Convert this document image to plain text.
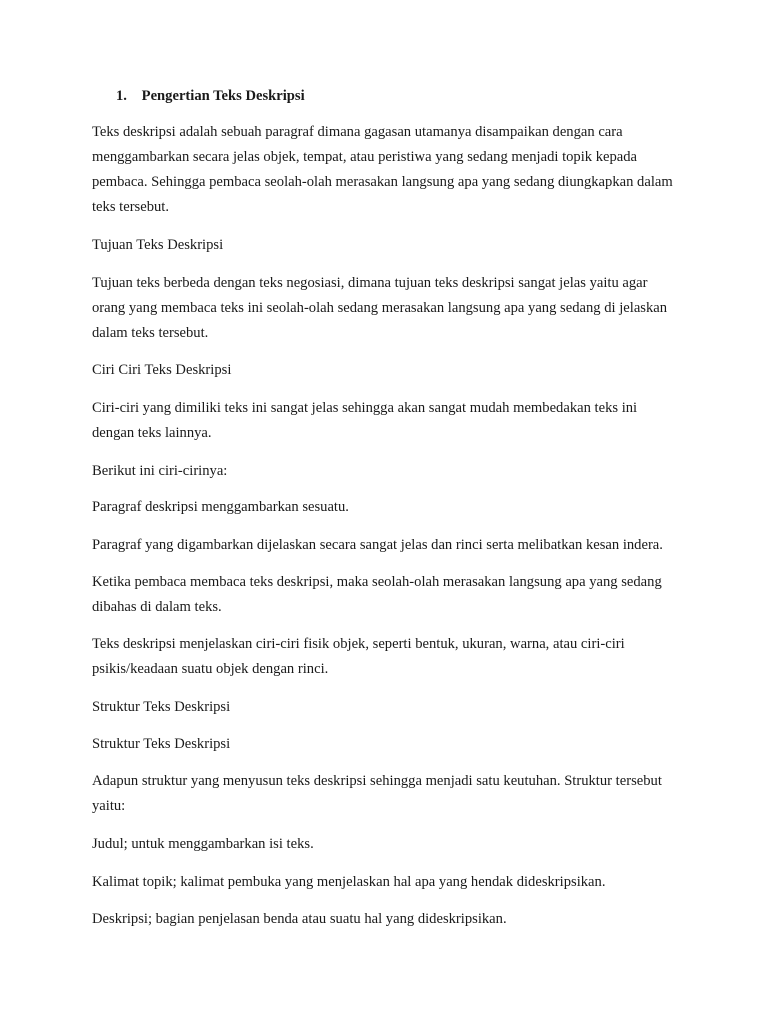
1. Pengertian Teks Deskripsi

Teks deskripsi adalah sebuah paragraf dimana gagasan utamanya disampaikan dengan cara
menggambarkan secara jelas objek, tempat, atau peristiwa yang sedang menjadi topik kepada
pembaca. Sehingga pembaca seolah-olah merasakan langsung apa yang sedang diungkapkan dalam
teks tersebut.

Tujuan Teks Deskripsi

Tujuan teks berbeda dengan teks negosiasi, dimana tujuan teks deskripsi sangat jelas yaitu agar
orang yang membaca teks ini seolah-olah sedang merasakan langsung apa yang sedang di jelaskan
dalam teks tersebut.

Ciri Ciri Teks Deskripsi

Ciri-ciri yang dimiliki teks ini sangat jelas sehingga akan sangat mudah membedakan teks ini
dengan teks lainnya.

Berikut ini ciri-cirinya:

Paragraf deskripsi menggambarkan sesuatu.

Paragraf yang digambarkan dijelaskan secara sangat jelas dan rinci serta melibatkan kesan indera.

Ketika pembaca membaca teks deskripsi, maka seolah-olah merasakan langsung apa yang sedang
dibahas di dalam teks.

Teks deskripsi menjelaskan ciri-ciri fisik objek, seperti bentuk, ukuran, warna, atau ciri-ciri
psikis/keadaan suatu objek dengan rinci.

Struktur Teks Deskripsi

Struktur Teks Deskripsi

Adapun struktur yang menyusun teks deskripsi sehingga menjadi satu keutuhan. Struktur tersebut
yaitu:

Judul; untuk menggambarkan isi teks.

Kalimat topik; kalimat pembuka yang menjelaskan hal apa yang hendak dideskripsikan.

Deskripsi; bagian penjelasan benda atau suatu hal yang dideskripsikan.
